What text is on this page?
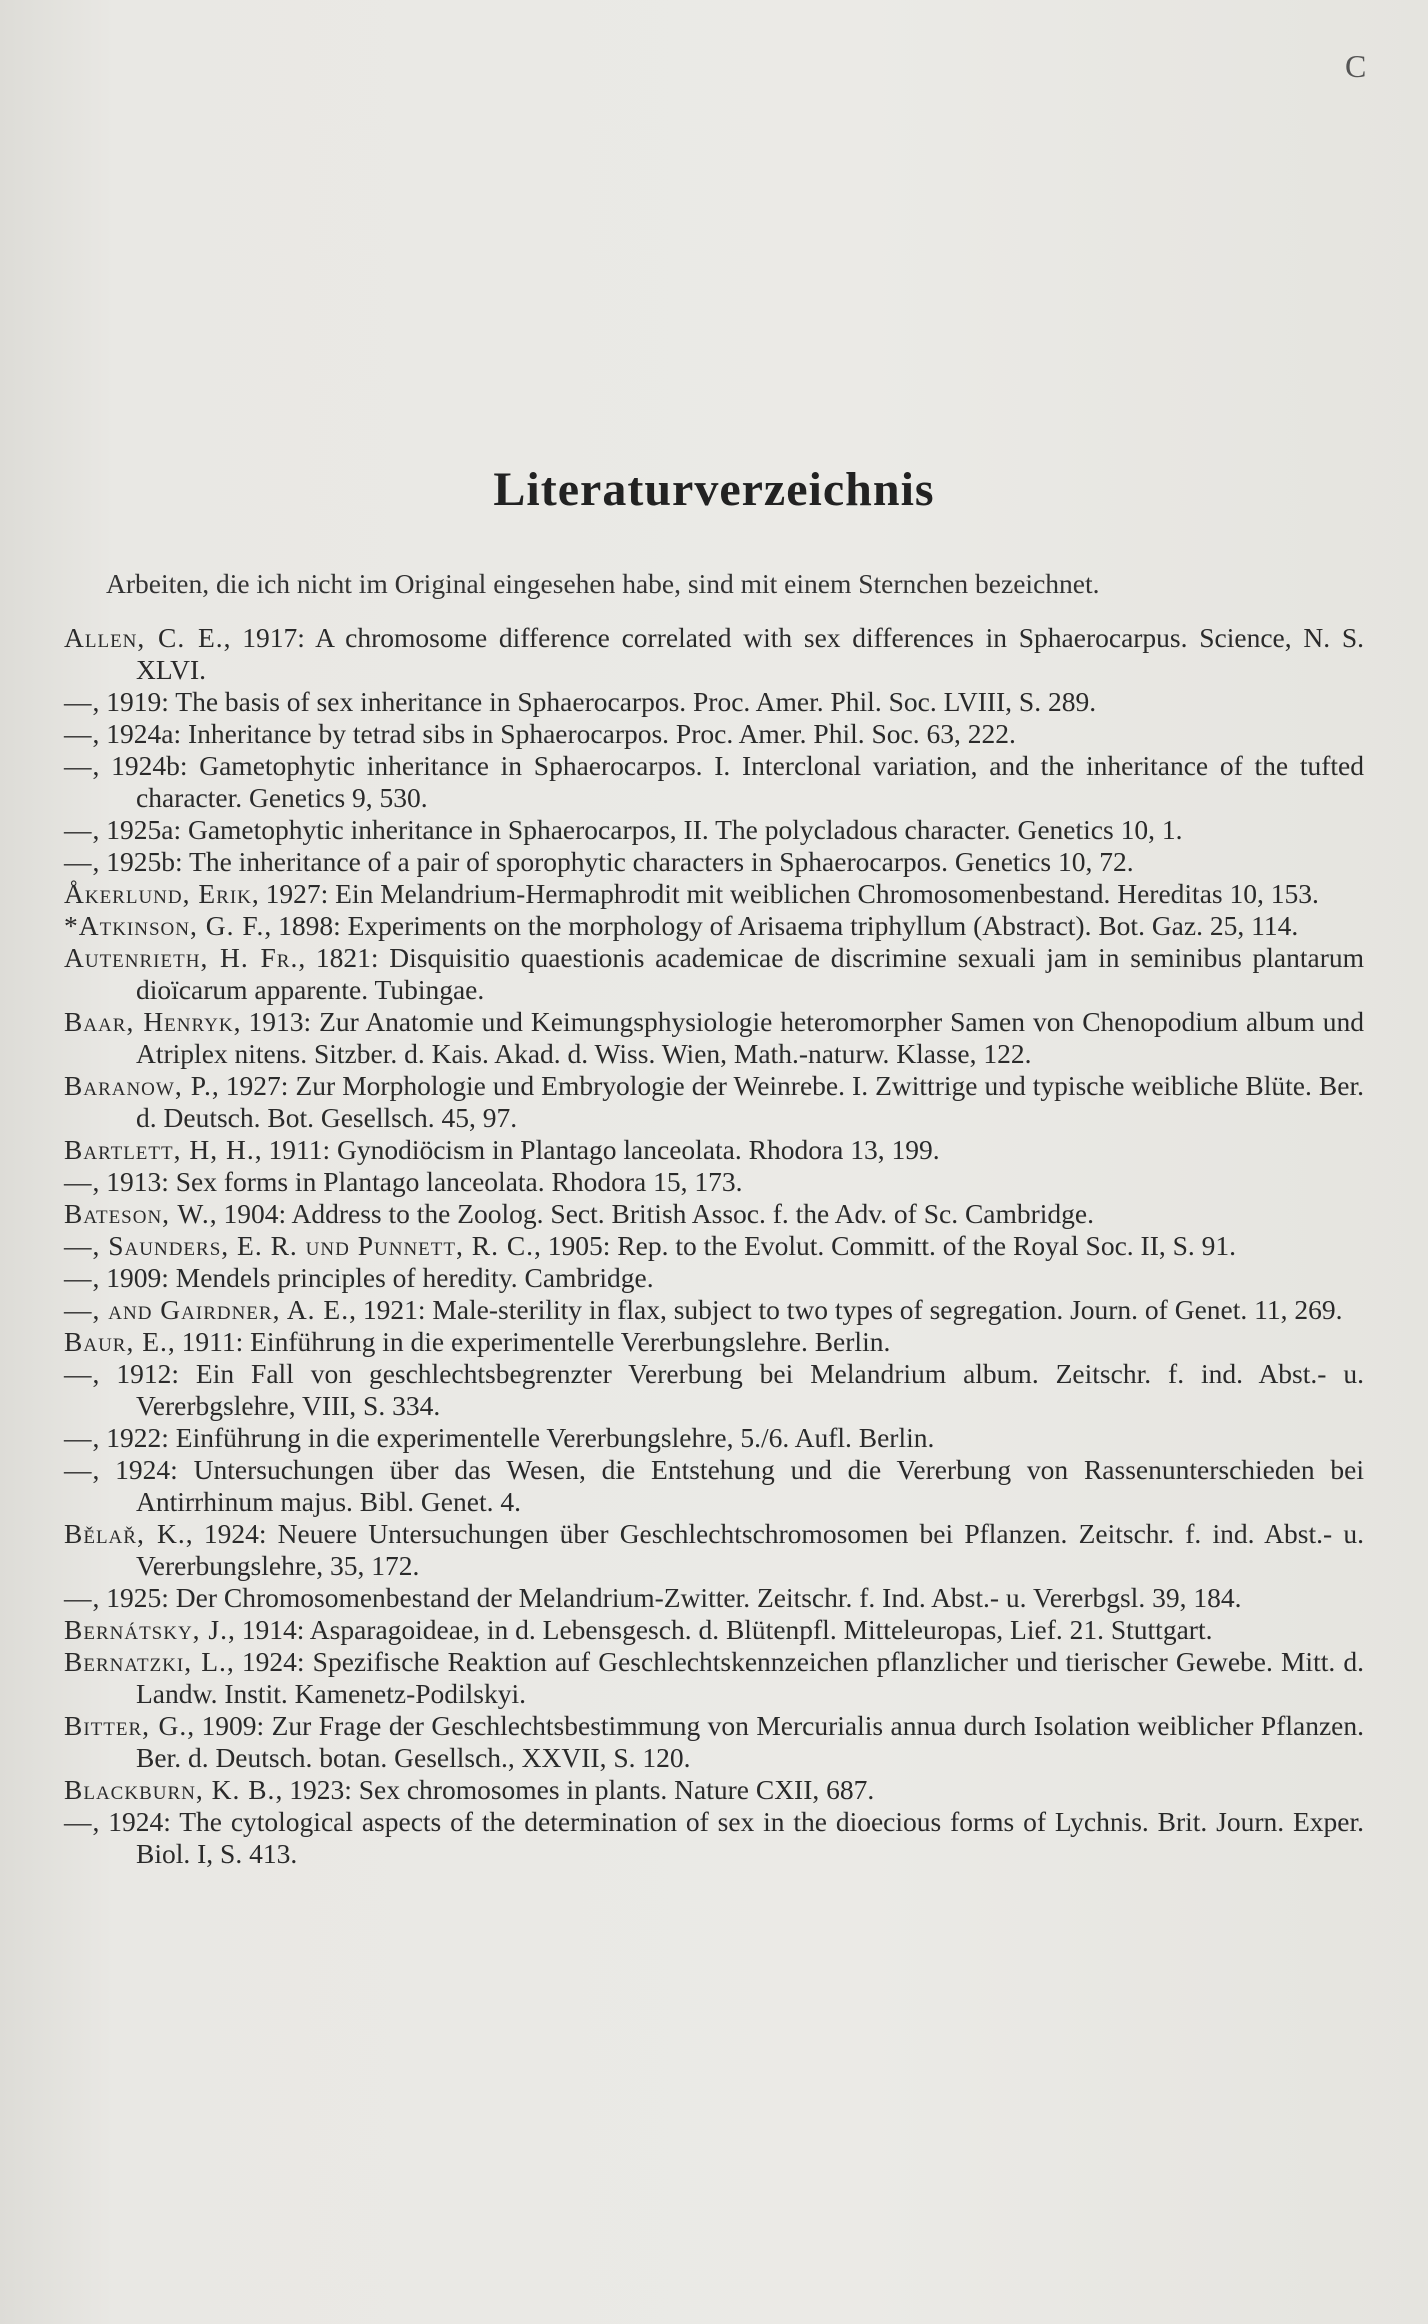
C
Literaturverzeichnis
Arbeiten, die ich nicht im Original eingesehen habe, sind mit einem Sternchen bezeichnet.
Allen, C. E., 1917: A chromosome difference correlated with sex differences in Sphaerocarpus. Science, N. S. XLVI.
—, 1919: The basis of sex inheritance in Sphaerocarpos. Proc. Amer. Phil. Soc. LVIII, S. 289.
—, 1924a: Inheritance by tetrad sibs in Sphaerocarpos. Proc. Amer. Phil. Soc. 63, 222.
—, 1924b: Gametophytic inheritance in Sphaerocarpos. I. Interclonal variation, and the inheritance of the tufted character. Genetics 9, 530.
—, 1925a: Gametophytic inheritance in Sphaerocarpos, II. The polycladous character. Genetics 10, 1.
—, 1925b: The inheritance of a pair of sporophytic characters in Sphaerocarpos. Genetics 10, 72.
Åkerlund, Erik, 1927: Ein Melandrium-Hermaphrodit mit weiblichen Chromosomenbestand. Hereditas 10, 153.
*Atkinson, G. F., 1898: Experiments on the morphology of Arisaema triphyllum (Abstract). Bot. Gaz. 25, 114.
Autenrieth, H. Fr., 1821: Disquisitio quaestionis academicae de discrimine sexuali jam in seminibus plantarum dioïcarum apparente. Tubingae.
Baar, Henryk, 1913: Zur Anatomie und Keimungsphysiologie heteromorpher Samen von Chenopodium album und Atriplex nitens. Sitzber. d. Kais. Akad. d. Wiss. Wien, Math.-naturw. Klasse, 122.
Baranow, P., 1927: Zur Morphologie und Embryologie der Weinrebe. I. Zwittrige und typische weibliche Blüte. Ber. d. Deutsch. Bot. Gesellsch. 45, 97.
Bartlett, H, H., 1911: Gynodiöcism in Plantago lanceolata. Rhodora 13, 199.
—, 1913: Sex forms in Plantago lanceolata. Rhodora 15, 173.
Bateson, W., 1904: Address to the Zoolog. Sect. British Assoc. f. the Adv. of Sc. Cambridge.
—, Saunders, E. R. und Punnett, R. C., 1905: Rep. to the Evolut. Committ. of the Royal Soc. II, S. 91.
—, 1909: Mendels principles of heredity. Cambridge.
—, and Gairdner, A. E., 1921: Male-sterility in flax, subject to two types of segregation. Journ. of Genet. 11, 269.
Baur, E., 1911: Einführung in die experimentelle Vererbungslehre. Berlin.
—, 1912: Ein Fall von geschlechtsbegrenzter Vererbung bei Melandrium album. Zeitschr. f. ind. Abst.- u. Vererbgslehre, VIII, S. 334.
—, 1922: Einführung in die experimentelle Vererbungslehre, 5./6. Aufl. Berlin.
—, 1924: Untersuchungen über das Wesen, die Entstehung und die Vererbung von Rassenunterschieden bei Antirrhinum majus. Bibl. Genet. 4.
Bělař, K., 1924: Neuere Untersuchungen über Geschlechtschromosomen bei Pflanzen. Zeitschr. f. ind. Abst.- u. Vererbungslehre, 35, 172.
—, 1925: Der Chromosomenbestand der Melandrium-Zwitter. Zeitschr. f. Ind. Abst.- u. Vererbgsl. 39, 184.
Bernátsky, J., 1914: Asparagoideae, in d. Lebensgesch. d. Blütenpfl. Mitteleuropas, Lief. 21. Stuttgart.
Bernatzki, L., 1924: Spezifische Reaktion auf Geschlechtskennzeichen pflanzlicher und tierischer Gewebe. Mitt. d. Landw. Instit. Kamenetz-Podilskyi.
Bitter, G., 1909: Zur Frage der Geschlechtsbestimmung von Mercurialis annua durch Isolation weiblicher Pflanzen. Ber. d. Deutsch. botan. Gesellsch., XXVII, S. 120.
Blackburn, K. B., 1923: Sex chromosomes in plants. Nature CXII, 687.
—, 1924: The cytological aspects of the determination of sex in the dioecious forms of Lychnis. Brit. Journ. Exper. Biol. I, S. 413.
